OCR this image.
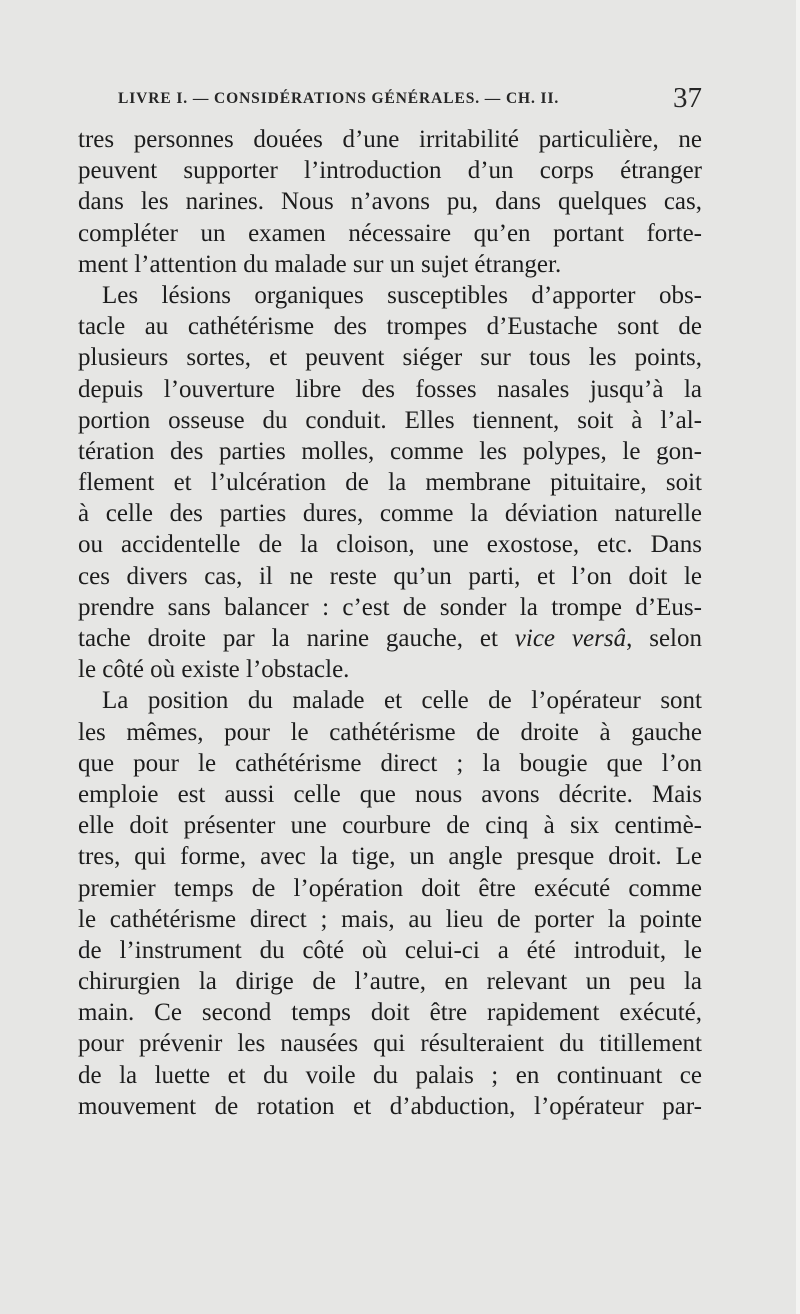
LIVRE I. — CONSIDÉRATIONS GÉNÉRALES. — CH. II.	37
tres personnes douées d’une irritabilité particulière, ne
peuvent supporter l’introduction d’un corps étranger
dans les narines. Nous n’avons pu, dans quelques cas,
compléter un examen nécessaire qu’en portant forte-
ment l’attention du malade sur un sujet étranger.
Les lésions organiques susceptibles d’apporter obs-
tacle au cathétérisme des trompes d’Eustache sont de
plusieurs sortes, et peuvent siéger sur tous les points,
depuis l’ouverture libre des fosses nasales jusqu’à la
portion osseuse du conduit. Elles tiennent, soit à l’al-
tération des parties molles, comme les polypes, le gon-
flement et l’ulcération de la membrane pituitaire, soit
à celle des parties dures, comme la déviation naturelle
ou accidentelle de la cloison, une exostose, etc. Dans
ces divers cas, il ne reste qu’un parti, et l’on doit le
prendre sans balancer : c’est de sonder la trompe d’Eus-
tache droite par la narine gauche, et vice versâ, selon
le côté où existe l’obstacle.
La position du malade et celle de l’opérateur sont
les mêmes, pour le cathétérisme de droite à gauche
que pour le cathétérisme direct ; la bougie que l’on
emploie est aussi celle que nous avons décrite. Mais
elle doit présenter une courbure de cinq à six centimè-
tres, qui forme, avec la tige, un angle presque droit. Le
premier temps de l’opération doit être exécuté comme
le cathétérisme direct ; mais, au lieu de porter la pointe
de l’instrument du côté où celui-ci a été introduit, le
chirurgien la dirige de l’autre, en relevant un peu la
main. Ce second temps doit être rapidement exécuté,
pour prévenir les nausées qui résulteraient du titillement
de la luette et du voile du palais ; en continuant ce
mouvement de rotation et d’abduction, l’opérateur par-
